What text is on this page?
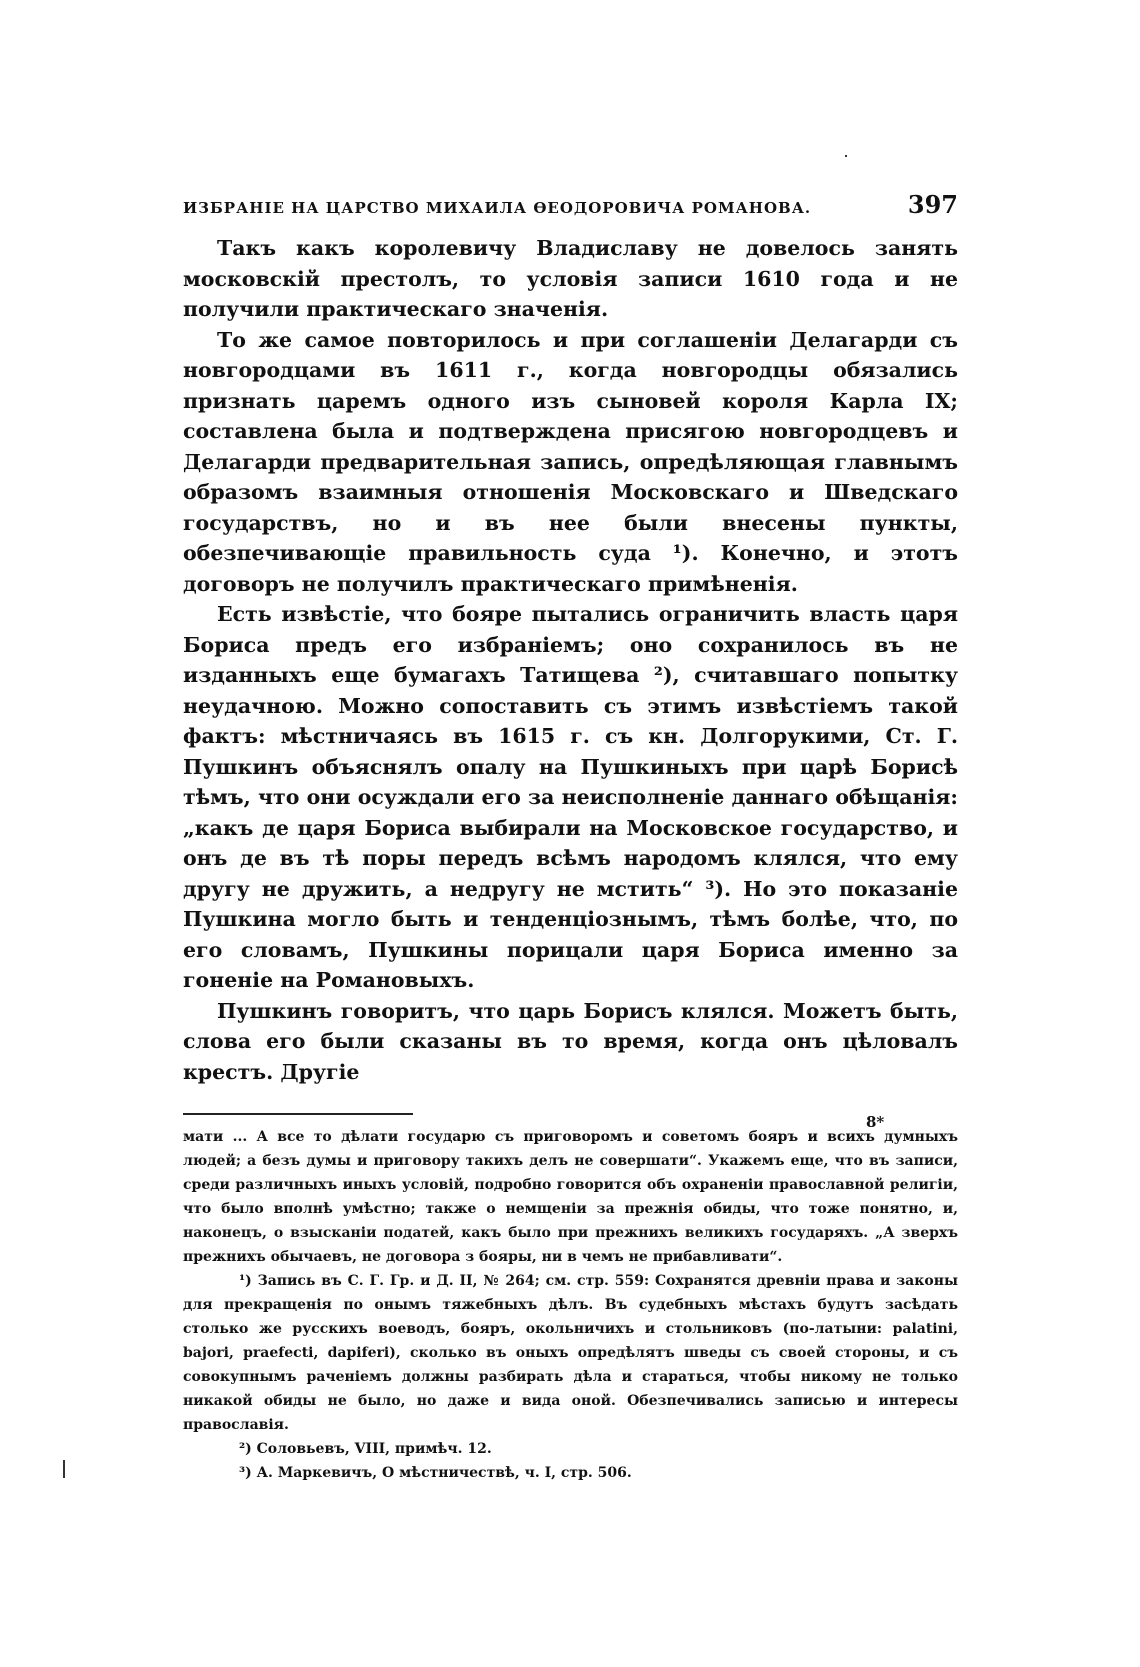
ИЗБРАНІЕ НА ЦАРСТВО МИХАИЛА ѲЕОДОРОВИЧА РОМАНОВА.	397

Такъ какъ королевичу Владиславу не довелось занять московскій престолъ, то условія записи 1610 года и не получили практическаго значенія.

То же самое повторилось и при соглашеніи Делагарди съ новгородцами въ 1611 г., когда новгородцы обязались признать царемъ одного изъ сыновей короля Карла IX; составлена была и подтверждена присягою новгородцевъ и Делагарди предварительная запись, опредѣляющая главнымъ образомъ взаимныя отношенія Московскаго и Шведскаго государствъ, но и въ нее были внесены пункты, обезпечивающіе правильность суда ¹). Конечно, и этотъ договоръ не получилъ практическаго примѣненія.

Есть извѣстіе, что бояре пытались ограничить власть царя Бориса предъ его избраніемъ; оно сохранилось въ не изданныхъ еще бумагахъ Татищева ²), считавшаго попытку неудачною. Можно сопоставить съ этимъ извѣстіемъ такой фактъ: мѣстничаясь въ 1615 г. съ кн. Долгорукими, Ст. Г. Пушкинъ объяснялъ опалу на Пушкиныхъ при царѣ Борисѣ тѣмъ, что они осуждали его за неисполненіе даннаго обѣщанія: „какъ де царя Бориса выбирали на Московское государство, и онъ де въ тѣ поры передъ всѣмъ народомъ клялся, что ему другу не дружить, а недругу не мстить“ ³). Но это показаніе Пушкина могло быть и тенденціознымъ, тѣмъ болѣе, что, по его словамъ, Пушкины порицали царя Бориса именно за гоненіе на Романовыхъ.

Пушкинъ говоритъ, что царь Борисъ клялся. Можетъ быть, слова его были сказаны въ то время, когда онъ цѣловалъ крестъ. Другіе

мати ... А все то дѣлати государю съ приговоромъ и советомъ бояръ и всихъ думныхъ людей; а безъ думы и приговору такихъ делъ не совершати“. Укажемъ еще, что въ записи, среди различныхъ иныхъ условій, подробно говорится объ охраненіи православной религіи, что было вполнѣ умѣстно; также о немщеніи за прежнія обиды, что тоже понятно, и, наконецъ, о взысканіи податей, какъ было при прежнихъ великихъ государяхъ. „А зверхъ прежнихъ обычаевъ, не договора з бояры, ни в чемъ не прибавливати“.

¹) Запись въ С. Г. Гр. и Д. II, № 264; см. стр. 559: Сохранятся древніи права и законы для прекращенія по онымъ тяжебныхъ дѣлъ. Въ судебныхъ мѣстахъ будутъ засѣдать столько же русскихъ воеводъ, бояръ, окольничихъ и стольниковъ (по-латыни: palatini, bajori, praefecti, dapiferi), сколько въ оныхъ опредѣлятъ шведы съ своей стороны, и съ совокупнымъ раченіемъ должны разбирать дѣла и стараться, чтобы никому не только никакой обиды не было, но даже и вида оной. Обезпечивались записью и интересы православія.

²) Соловьевъ, VIII, примѣч. 12.

³) А. Маркевичъ, О мѣстничествѣ, ч. I, стр. 506.

8*
